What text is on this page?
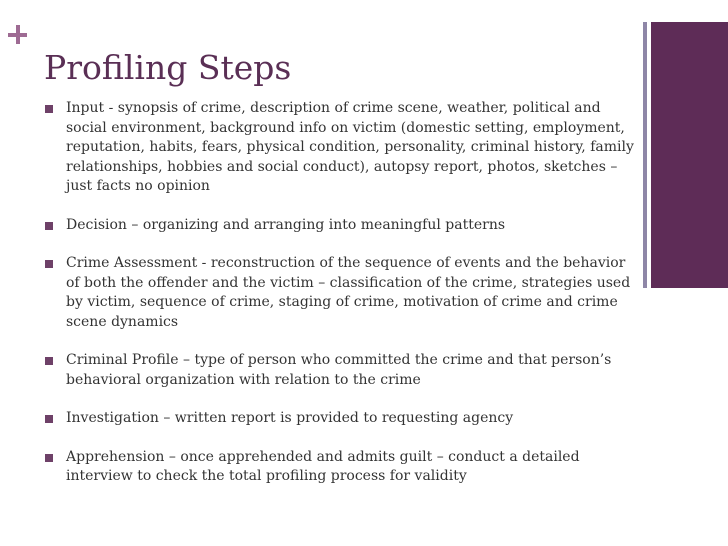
Profiling Steps
Input - synopsis of crime, description of crime scene, weather, political and social environment, background info on victim (domestic setting, employment, reputation, habits, fears, physical condition, personality, criminal history, family relationships, hobbies and social conduct), autopsy report, photos, sketches – just facts no opinion
Decision – organizing and arranging into meaningful patterns
Crime Assessment - reconstruction of the sequence of events and the behavior of both the offender and the victim – classification of the crime, strategies used by victim, sequence of crime, staging of crime, motivation of crime and crime scene dynamics
Criminal Profile – type of person who committed the crime and that person’s behavioral organization with relation to the crime
Investigation – written report is provided to requesting agency
Apprehension – once apprehended and admits guilt – conduct a detailed interview to check the total profiling process for validity
